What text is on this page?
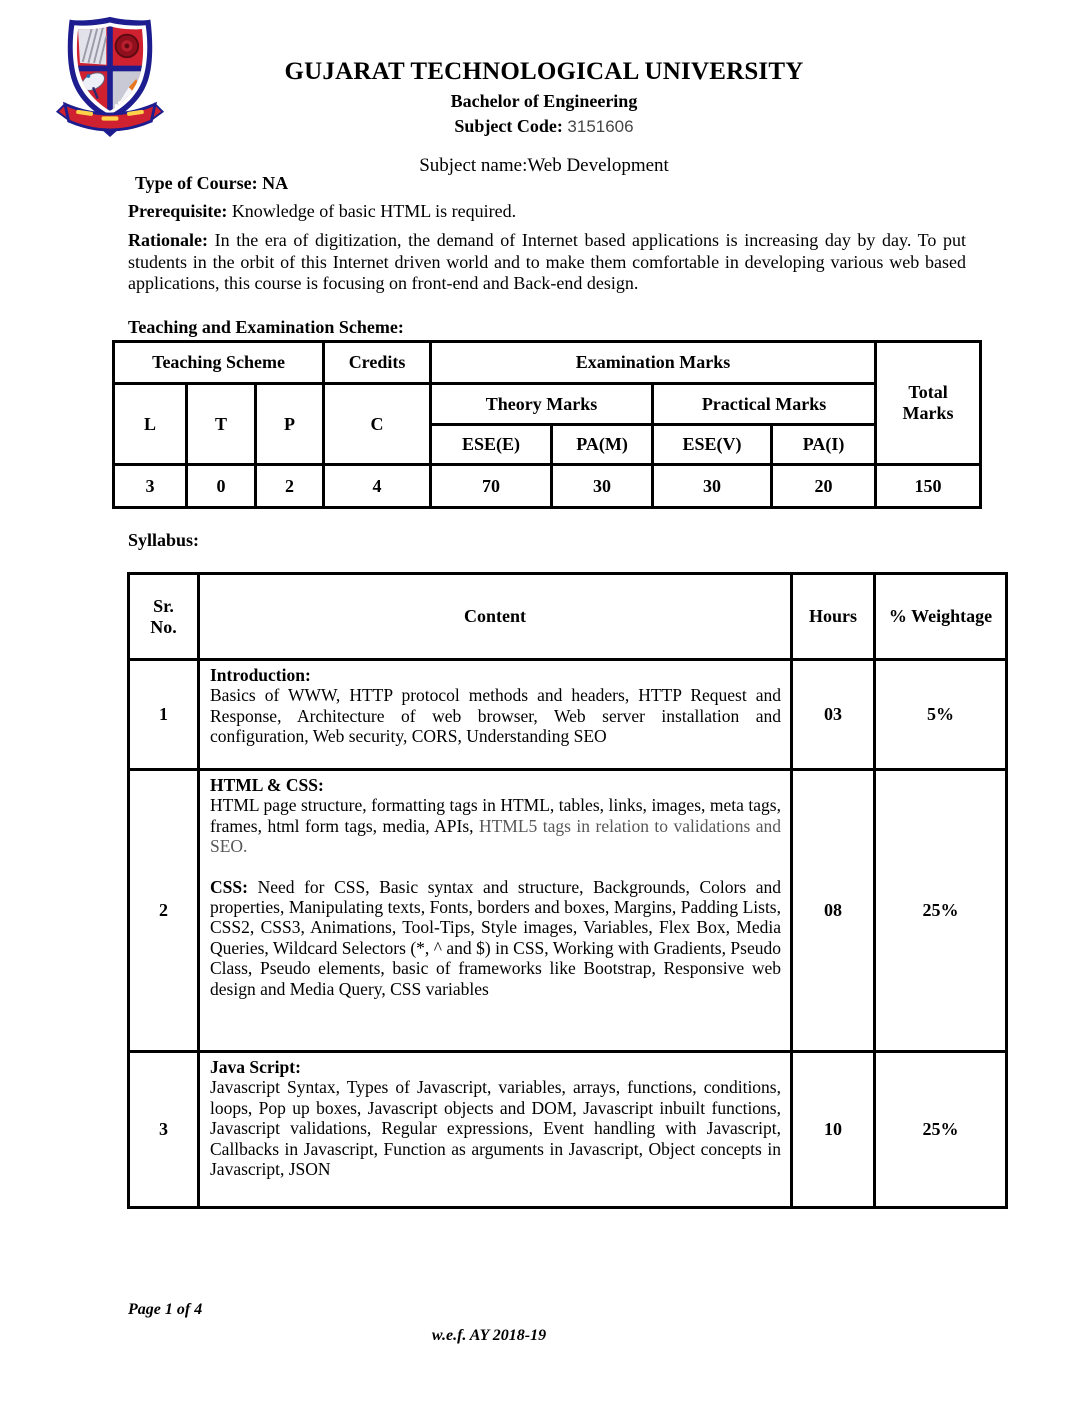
GUJARAT TECHNOLOGICAL UNIVERSITY
Bachelor of Engineering
Subject Code: 3151606
Subject name:Web Development
Type of Course: NA

Prerequisite: Knowledge of basic HTML is required.

Rationale: In the era of digitization, the demand of Internet based applications is increasing day by day. To put students in the orbit of this Internet driven world and to make them comfortable in developing various web based applications, this course is focusing on front-end and Back-end design.

Teaching and Examination Scheme:
Teaching Scheme			Credits	Examination Marks				Total Marks
L	T	P	C	Theory Marks		Practical Marks		
				ESE(E)	PA(M)	ESE(V)	PA(I)	
3	0	2	4	70	30	30	20	150
Syllabus:
Sr. No.	Content	Hours	% Weightage
1	Introduction:

Basics of WWW, HTTP protocol methods and headers, HTTP Request and Response, Architecture of web browser, Web server installation and configuration, Web security, CORS, Understanding SEO	03	5%
2	HTML & CSS:

HTML page structure, formatting tags in HTML, tables, links, images, meta tags, frames, html form tags, media, APIs, HTML5 tags in relation to validations and SEO.

CSS: Need for CSS, Basic syntax and structure, Backgrounds, Colors and properties, Manipulating texts, Fonts, borders and boxes, Margins, Padding Lists, CSS2, CSS3, Animations, Tool-Tips, Style images, Variables, Flex Box, Media Queries, Wildcard Selectors (*, ^ and $) in CSS, Working with Gradients, Pseudo Class, Pseudo elements, basic of frameworks like Bootstrap, Responsive web design and Media Query, CSS variables	08	25%
3	Java Script:

Javascript Syntax, Types of Javascript, variables, arrays, functions, conditions, loops, Pop up boxes, Javascript objects and DOM, Javascript inbuilt functions, Javascript validations, Regular expressions, Event handling with Javascript, Callbacks in Javascript, Function as arguments in Javascript, Object concepts in Javascript, JSON	10	25%
Page 1 of 4
w.e.f. AY 2018-19
